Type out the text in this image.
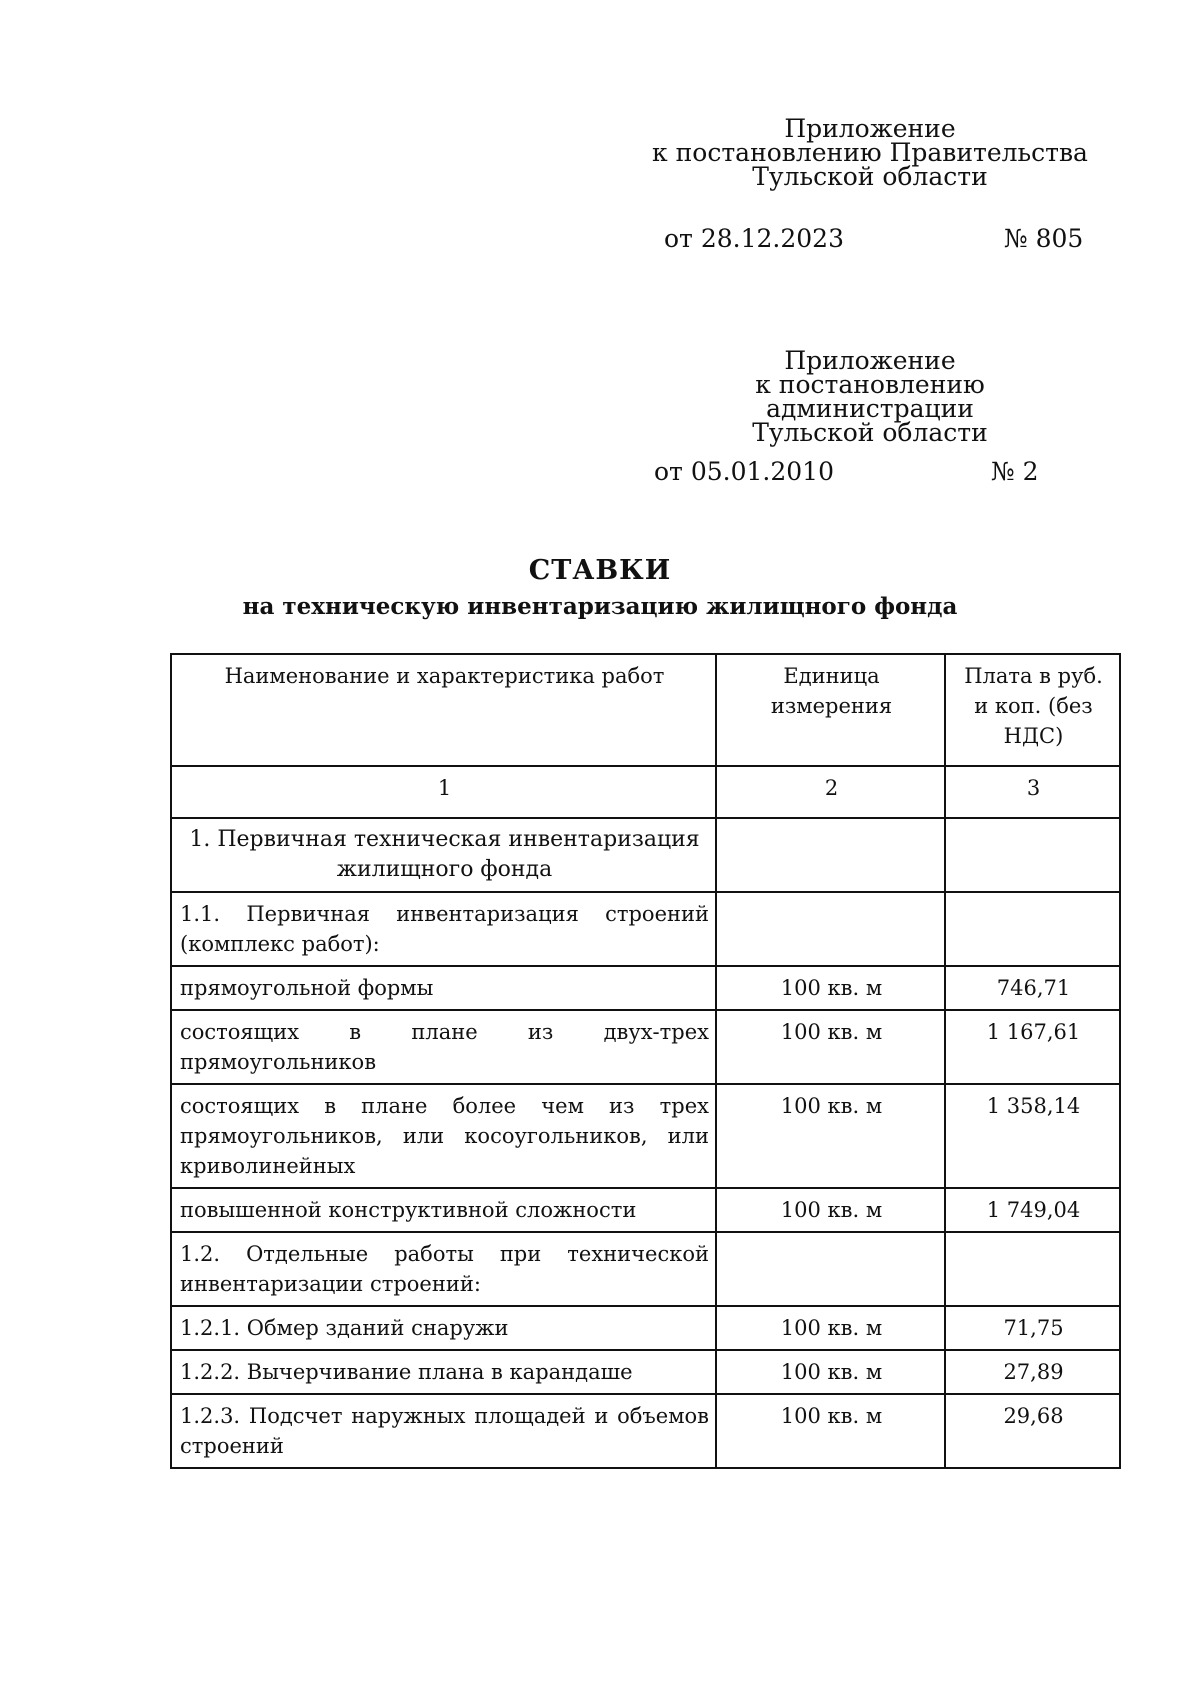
Приложение
к постановлению Правительства
Тульской области
от 28.12.2023	№ 805
Приложение
к постановлению администрации
Тульской области
от 05.01.2010	№ 2
СТАВКИ
на техническую инвентаризацию жилищного фонда
Наименование и характеристика работ	Единица измерения	Плата в руб. и коп. (без НДС)
1	2	3
1. Первичная техническая инвентаризация жилищного фонда		
1.1. Первичная инвентаризация строений (комплекс работ):		
прямоугольной формы	100 кв. м	746,71
состоящих в плане из двух-трех прямоугольников	100 кв. м	1 167,61
состоящих в плане более чем из трех прямоугольников, или косоугольников, или криволинейных	100 кв. м	1 358,14
повышенной конструктивной сложности	100 кв. м	1 749,04
1.2. Отдельные работы при технической инвентаризации строений:		
1.2.1. Обмер зданий снаружи	100 кв. м	71,75
1.2.2. Вычерчивание плана в карандаше	100 кв. м	27,89
1.2.3. Подсчет наружных площадей и объемов строений	100 кв. м	29,68
